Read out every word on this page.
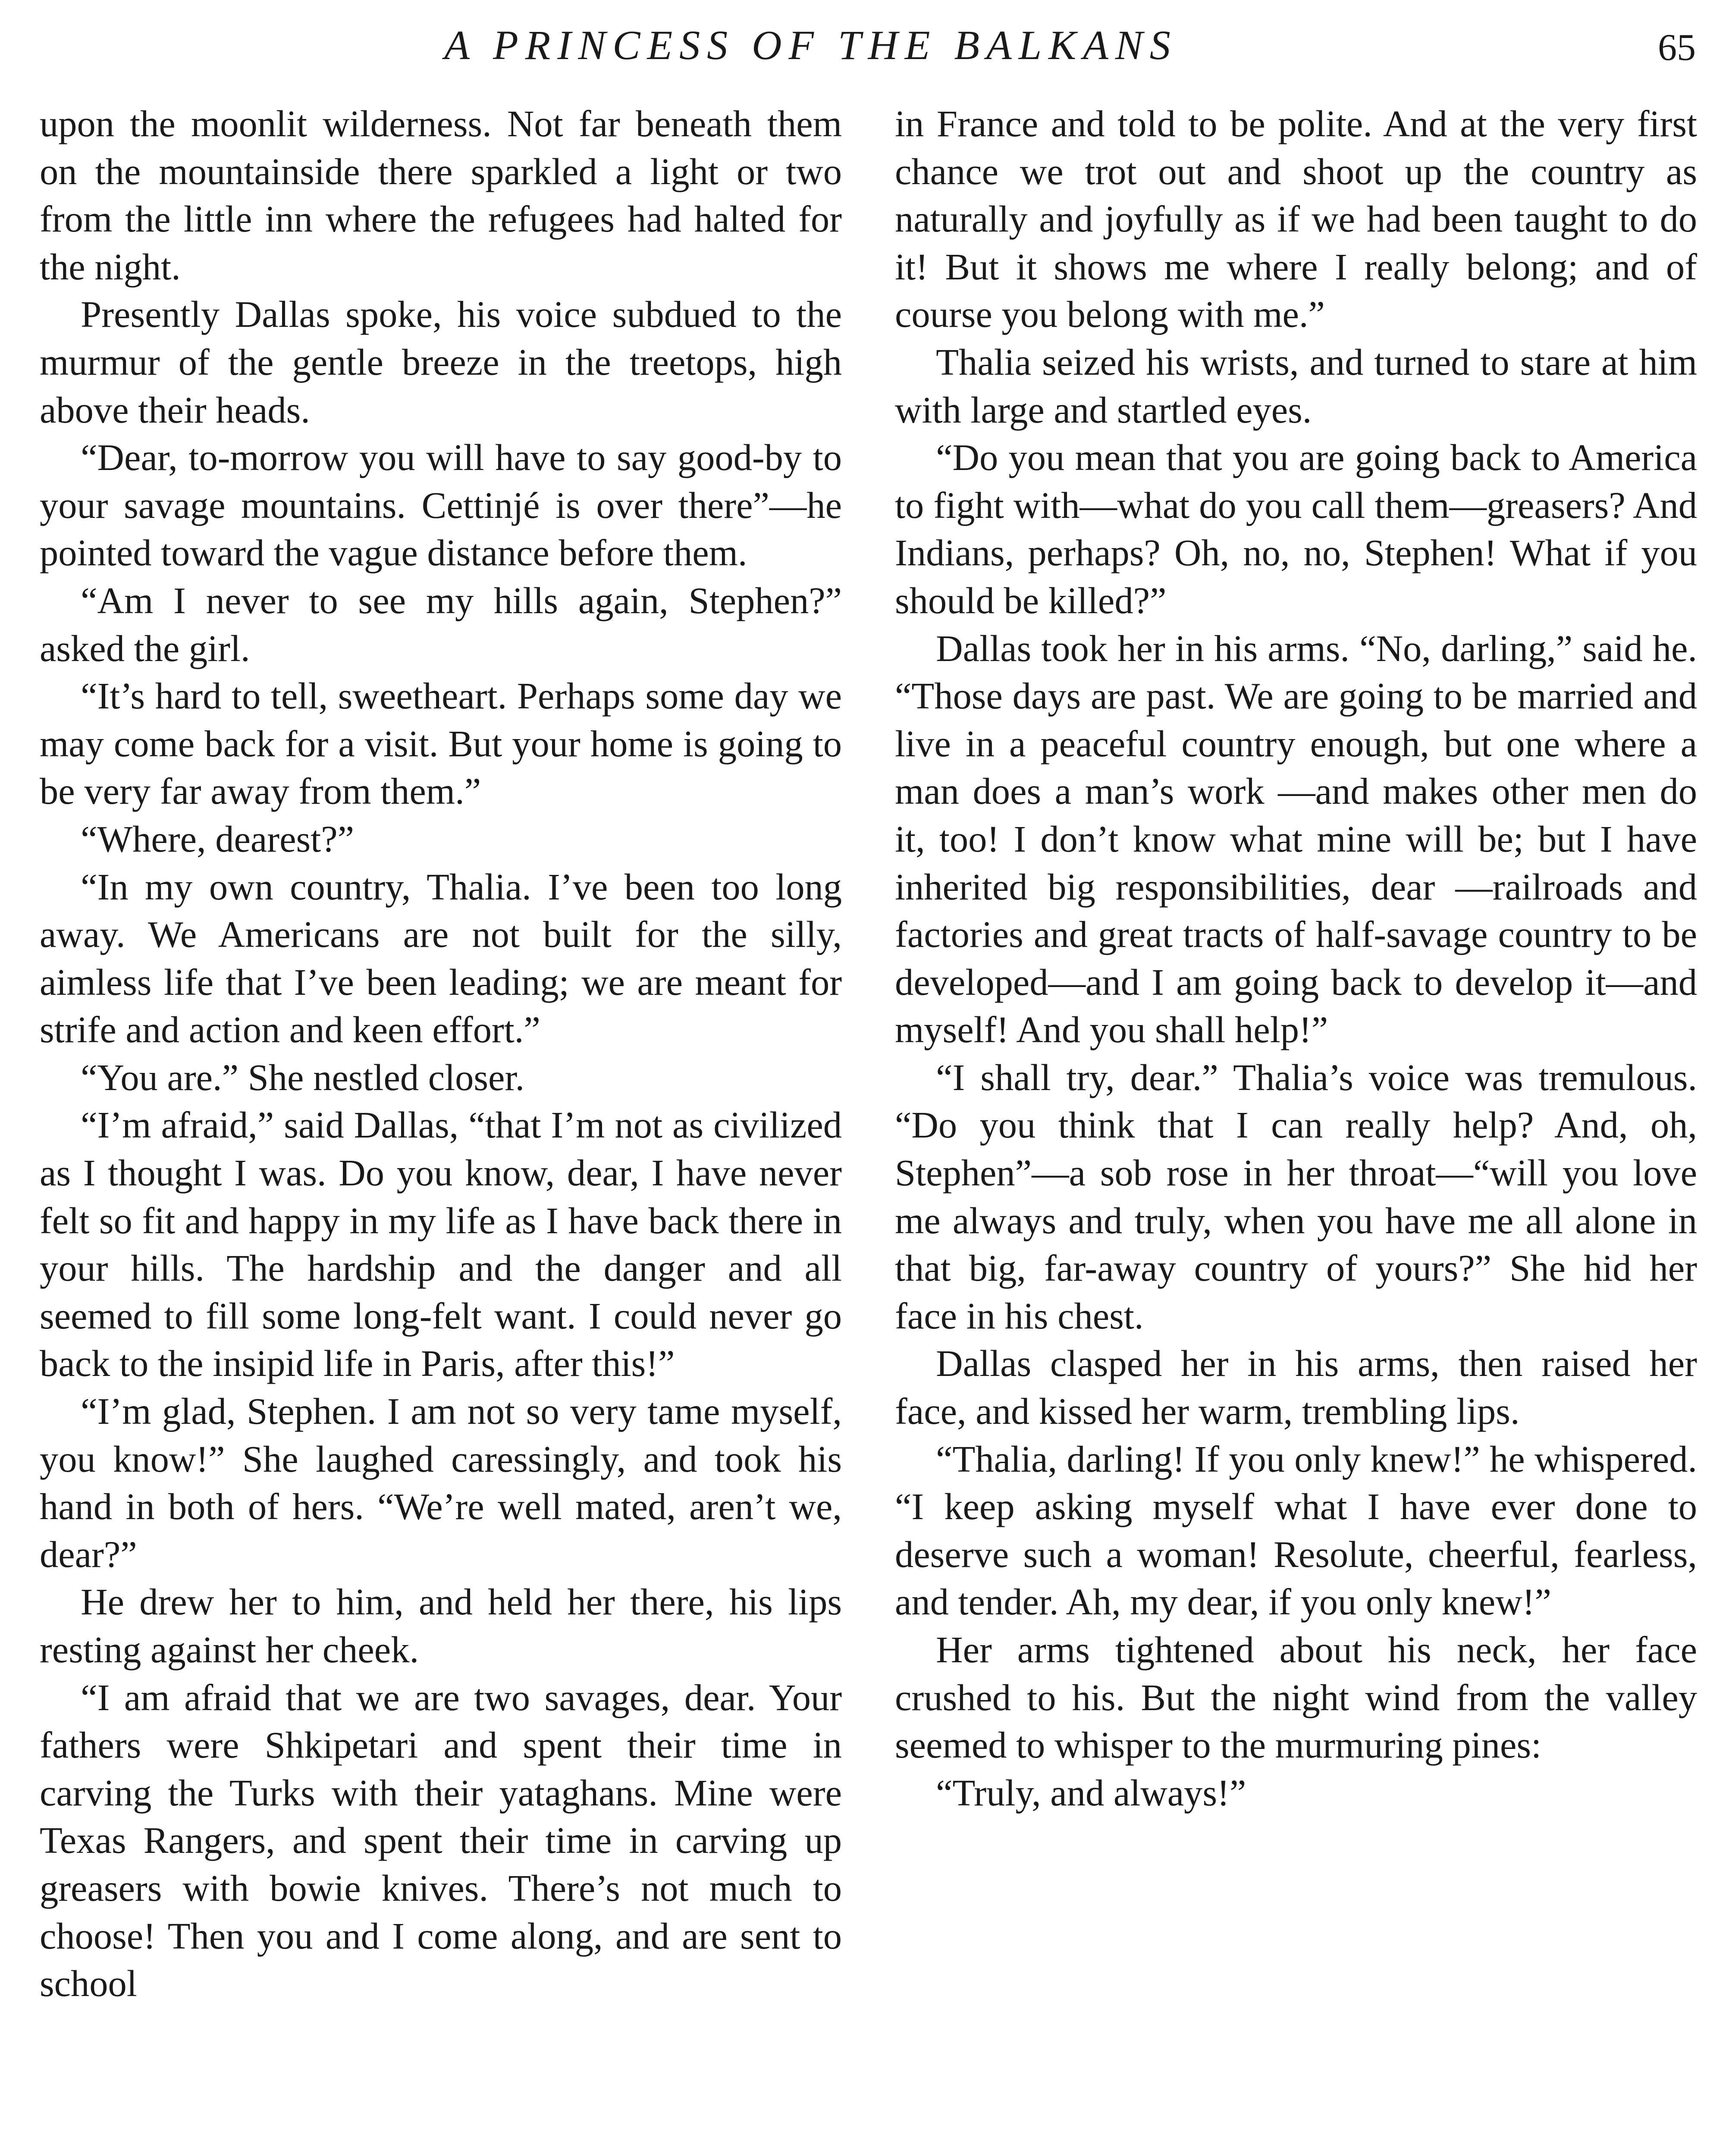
A PRINCESS OF THE BALKANS	65

upon the moonlit wilderness. Not far beneath them on the mountainside there sparkled a light or two from the little inn where the refugees had halted for the night.

Presently Dallas spoke, his voice subdued to the murmur of the gentle breeze in the treetops, high above their heads.

“Dear, to-morrow you will have to say good-by to your savage mountains. Cettinjé is over there”—he pointed toward the vague distance before them.

“Am I never to see my hills again, Stephen?” asked the girl.

“It’s hard to tell, sweetheart. Perhaps some day we may come back for a visit. But your home is going to be very far away from them.”

“Where, dearest?”

“In my own country, Thalia. I’ve been too long away. We Americans are not built for the silly, aimless life that I’ve been leading; we are meant for strife and action and keen effort.”

“You are.” She nestled closer.

“I’m afraid,” said Dallas, “that I’m not as civilized as I thought I was. Do you know, dear, I have never felt so fit and happy in my life as I have back there in your hills. The hardship and the danger and all seemed to fill some long-felt want. I could never go back to the insipid life in Paris, after this!”

“I’m glad, Stephen. I am not so very tame myself, you know!” She laughed caressingly, and took his hand in both of hers. “We’re well mated, aren’t we, dear?”

He drew her to him, and held her there, his lips resting against her cheek.

“I am afraid that we are two savages, dear. Your fathers were Shkipetari and spent their time in carving the Turks with their yataghans. Mine were Texas Rangers, and spent their time in carving up greasers with bowie knives. There’s not much to choose! Then you and I come along, and are sent to school

in France and told to be polite. And at the very first chance we trot out and shoot up the country as naturally and joyfully as if we had been taught to do it! But it shows me where I really belong; and of course you belong with me.”

Thalia seized his wrists, and turned to stare at him with large and startled eyes.

“Do you mean that you are going back to America to fight with—what do you call them—greasers? And Indians, perhaps? Oh, no, no, Stephen! What if you should be killed?”

Dallas took her in his arms. “No, darling,” said he. “Those days are past. We are going to be married and live in a peaceful country enough, but one where a man does a man’s work —and makes other men do it, too! I don’t know what mine will be; but I have inherited big responsibilities, dear —railroads and factories and great tracts of half-savage country to be developed—and I am going back to develop it—and myself! And you shall help!”

“I shall try, dear.” Thalia’s voice was tremulous. “Do you think that I can really help? And, oh, Stephen”—a sob rose in her throat—“will you love me always and truly, when you have me all alone in that big, far-away country of yours?” She hid her face in his chest.

Dallas clasped her in his arms, then raised her face, and kissed her warm, trembling lips.

“Thalia, darling! If you only knew!” he whispered. “I keep asking myself what I have ever done to deserve such a woman! Resolute, cheerful, fearless, and tender. Ah, my dear, if you only knew!”

Her arms tightened about his neck, her face crushed to his. But the night wind from the valley seemed to whisper to the murmuring pines:

“Truly, and always!”
